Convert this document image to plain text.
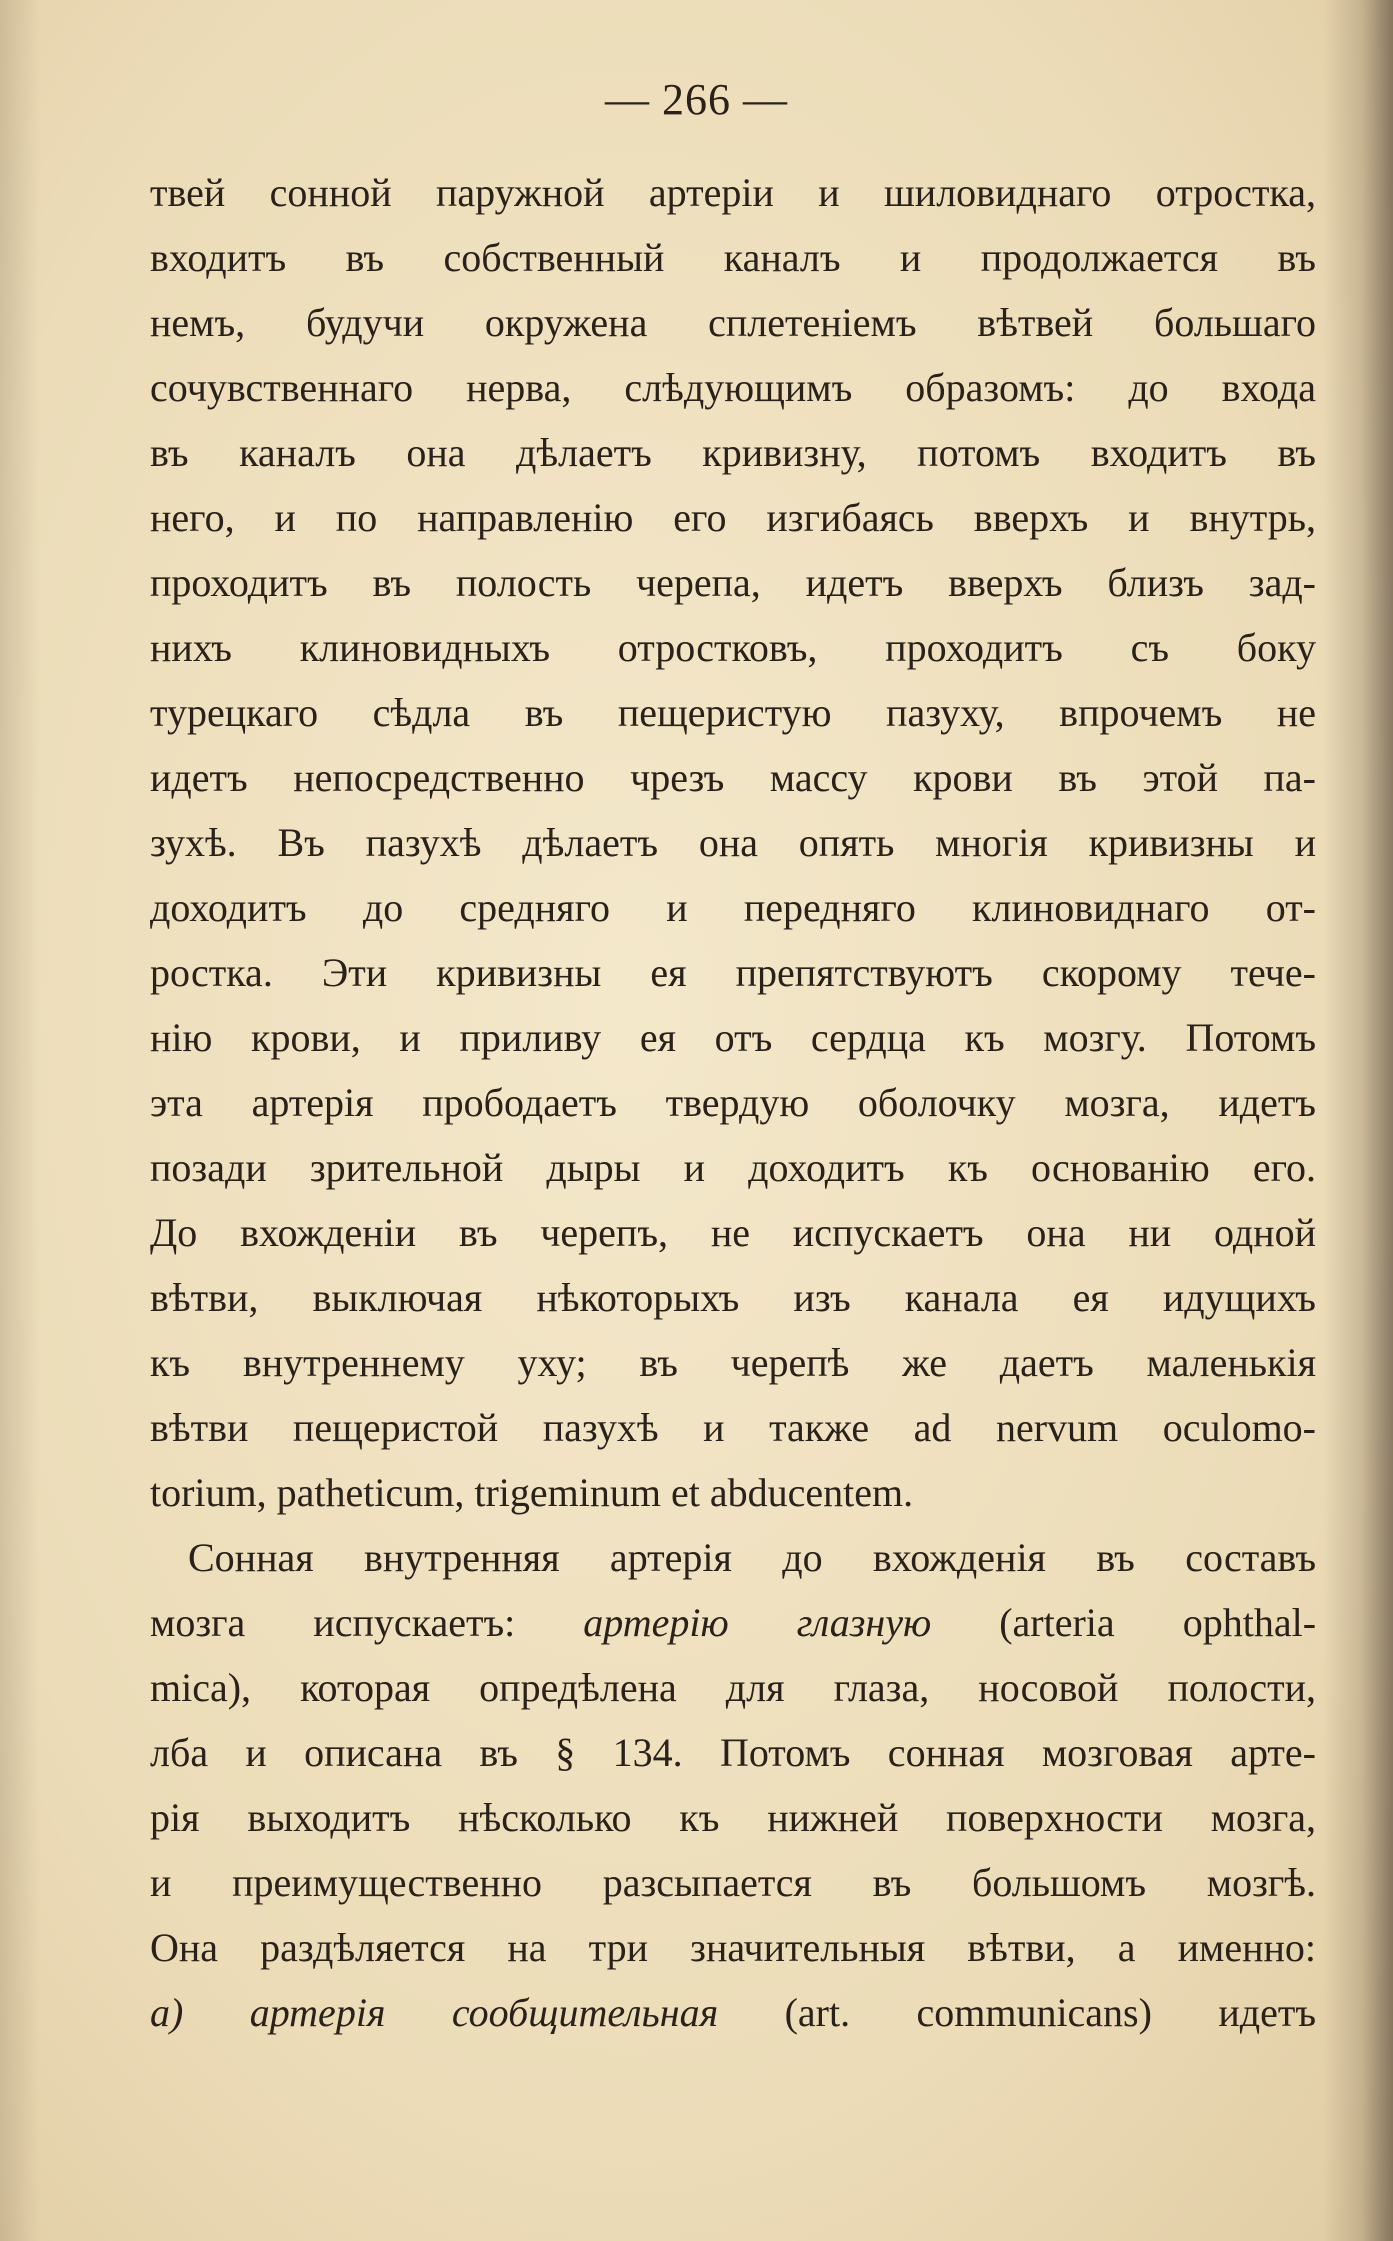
— 266 —
твей сонной паружной артеріи и шиловиднаго отростка,
входитъ въ собственный каналъ и продолжается въ
немъ, будучи окружена сплетеніемъ вѣтвей большаго
сочувственнаго нерва, слѣдующимъ образомъ: до входа
въ каналъ она дѣлаетъ кривизну, потомъ входитъ въ
него, и по направленію его изгибаясь вверхъ и внутрь,
проходитъ въ полость черепа, идетъ вверхъ близъ зад-
нихъ клиновидныхъ отростковъ, проходитъ съ боку
турецкаго сѣдла въ пещеристую пазуху, впрочемъ не
идетъ непосредственно чрезъ массу крови въ этой па-
зухѣ. Въ пазухѣ дѣлаетъ она опять многія кривизны и
доходитъ до средняго и передняго клиновиднаго от-
ростка. Эти кривизны ея препятствуютъ скорому тече-
нію крови, и приливу ея отъ сердца къ мозгу. Потомъ
эта артерія прободаетъ твердую оболочку мозга, идетъ
позади зрительной дыры и доходитъ къ основанію его.
До вхожденіи въ черепъ, не испускаетъ она ни одной
вѣтви, выключая нѣкоторыхъ изъ канала ея идущихъ
къ внутреннему уху; въ черепѣ же даетъ маленькія
вѣтви пещеристой пазухѣ и также ad nervum oculomo-
torium, patheticum, trigeminum et abducentem.
Сонная внутренняя артерія до вхожденія въ составъ
мозга испускаетъ: артерію глазную (arteria ophthal-
mica), которая опредѣлена для глаза, носовой полости,
лба и описана въ § 134. Потомъ сонная мозговая арте-
рія выходитъ нѣсколько къ нижней поверхности мозга,
и преимущественно разсыпается въ большомъ мозгѣ.
Она раздѣляется на три значительныя вѣтви, а именно:
a) артерія сообщительная (art. communicans) идетъ
